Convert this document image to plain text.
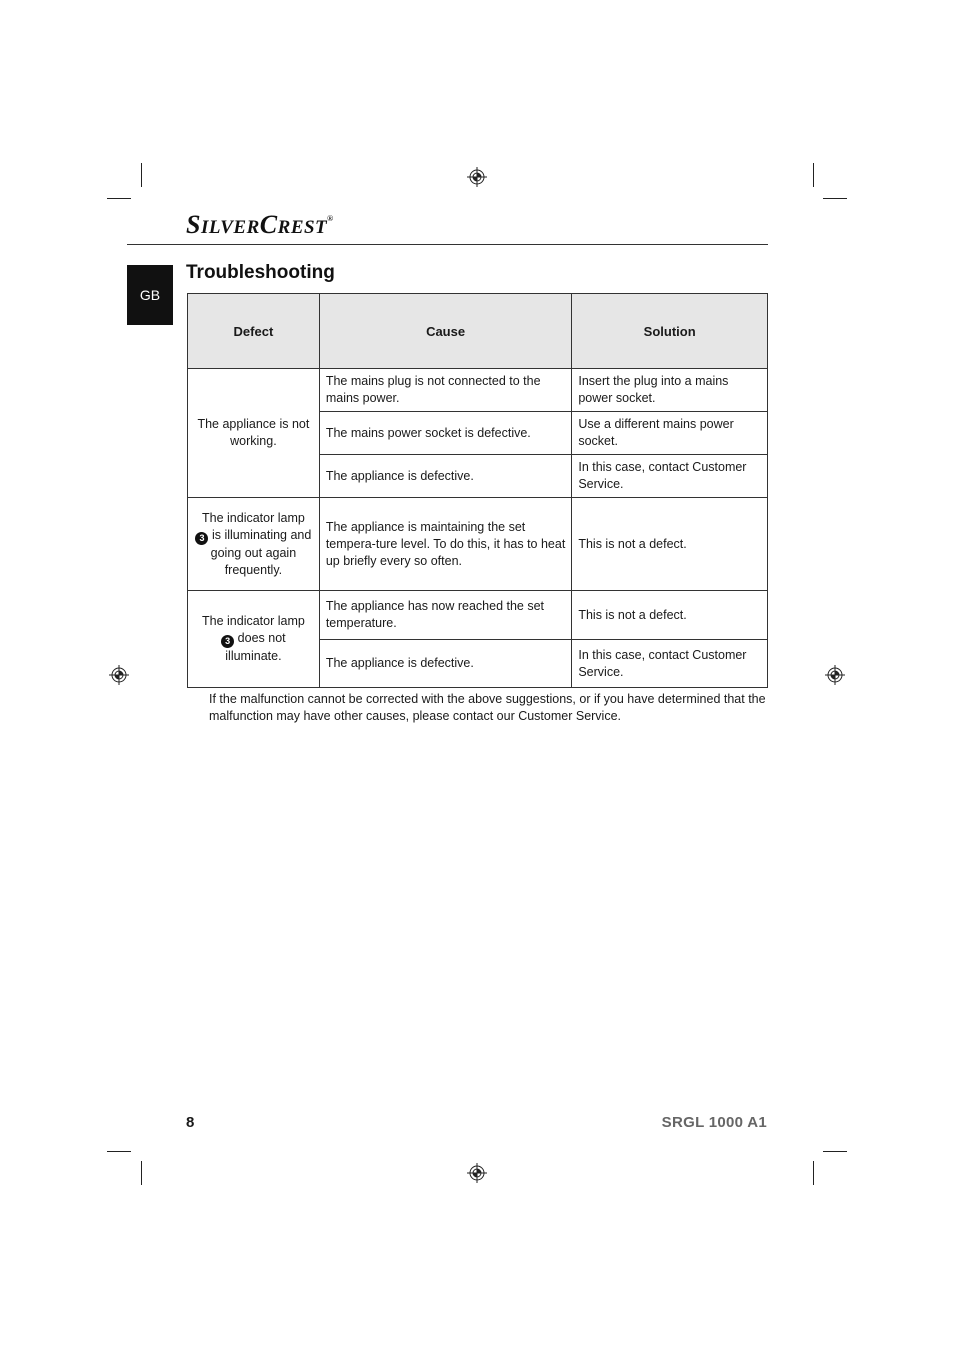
SILVERCREST®
GB
Troubleshooting
Defect	Cause	Solution
The appliance is not working.	The mains plug is not connected to the mains power.	Insert the plug into a mains power socket.
	The mains power socket is defective.	Use a different mains power socket.
	The appliance is defective.	In this case, contact Customer Service.
The indicator lamp 3 is illuminating and going out again frequently.	The appliance is maintaining the set tempera-ture level. To do this, it has to heat up briefly every so often.	This is not a defect.
The indicator lamp 3 does not illuminate.	The appliance has now reached the set temperature.	This is not a defect.
	The appliance is defective.	In this case, contact Customer Service.
If the malfunction cannot be corrected with the above suggestions, or if you have determined that the malfunction may have other causes, please contact our Customer Service.
8	SRGL 1000 A1
